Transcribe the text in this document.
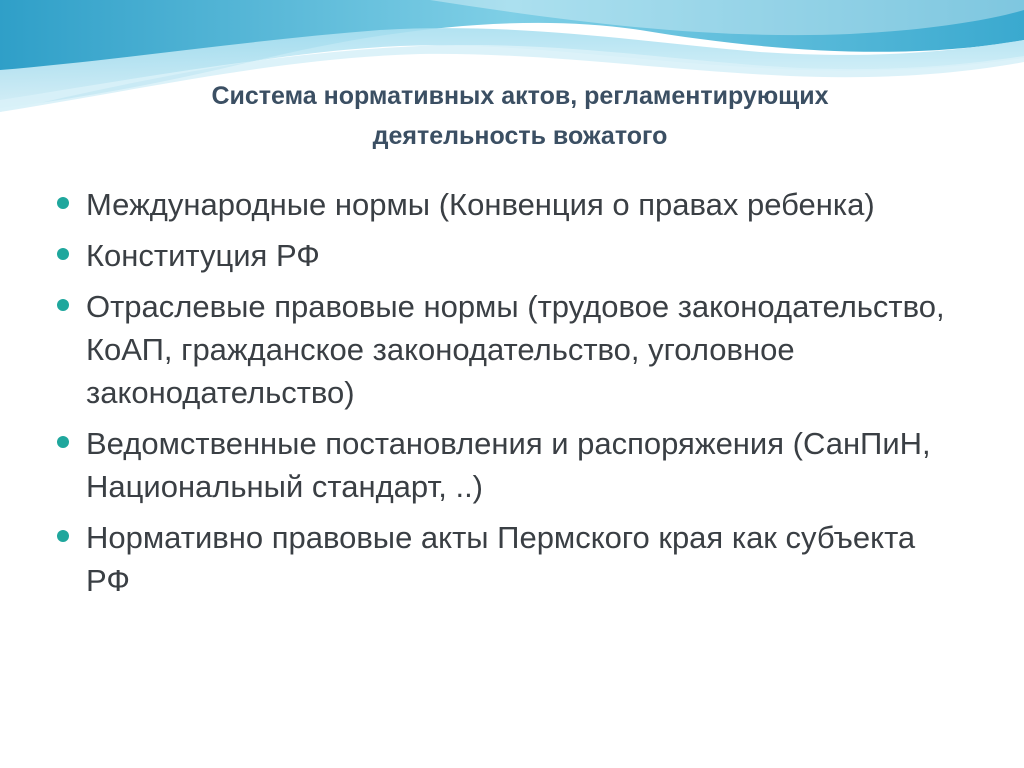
Система нормативных актов, регламентирующих
деятельность вожатого
Международные нормы (Конвенция о правах ребенка)
Конституция РФ
Отраслевые правовые нормы (трудовое законодательство, КоАП, гражданское законодательство, уголовное законодательство)
Ведомственные постановления и распоряжения (СанПиН, Национальный стандарт, ..)
Нормативно правовые акты Пермского края как субъекта РФ
